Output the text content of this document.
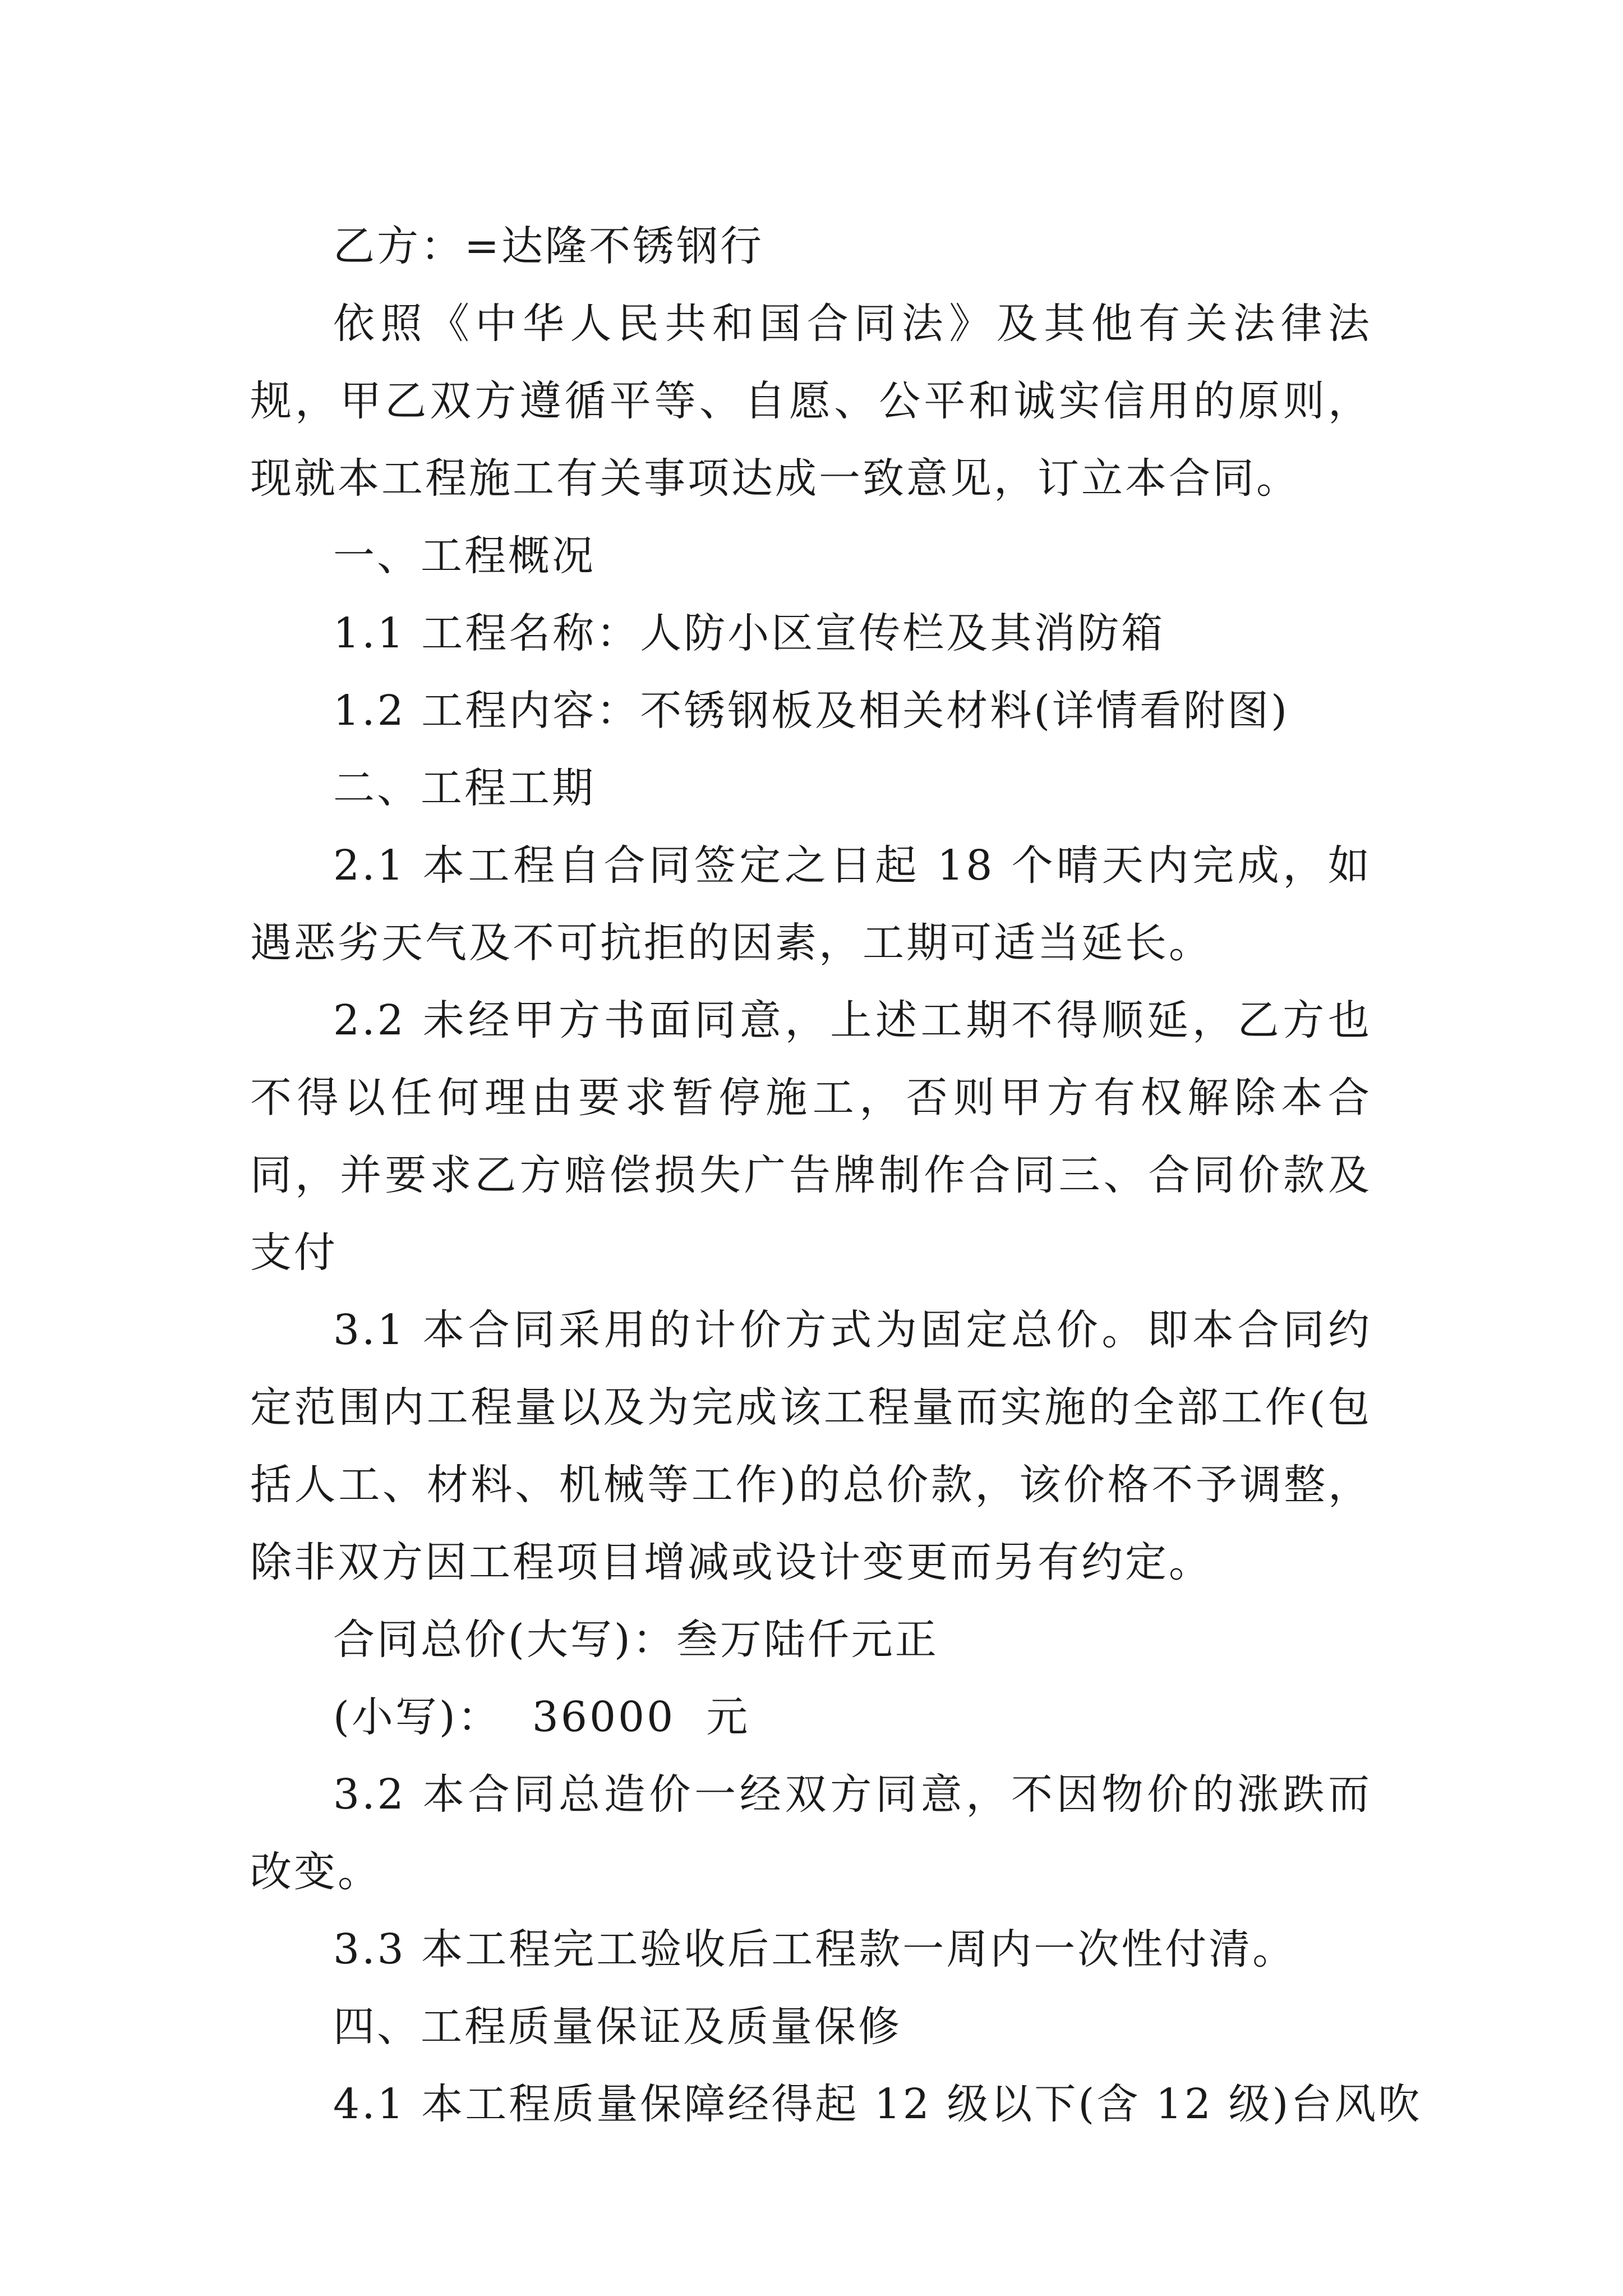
乙方：=达隆不锈钢行

依照《中华人民共和国合同法》及其他有关法律法规，甲乙双方遵循平等、自愿、公平和诚实信用的原则，现就本工程施工有关事项达成一致意见，订立本合同。

一、工程概况

1.1 工程名称：人防小区宣传栏及其消防箱

1.2 工程内容：不锈钢板及相关材料(详情看附图)

二、工程工期

2.1 本工程自合同签定之日起 18 个晴天内完成，如遇恶劣天气及不可抗拒的因素，工期可适当延长。

2.2 未经甲方书面同意，上述工期不得顺延，乙方也不得以任何理由要求暂停施工，否则甲方有权解除本合同，并要求乙方赔偿损失广告牌制作合同三、合同价款及支付

3.1 本合同采用的计价方式为固定总价。即本合同约定范围内工程量以及为完成该工程量而实施的全部工作(包括人工、材料、机械等工作)的总价款，该价格不予调整，除非双方因工程项目增减或设计变更而另有约定。

合同总价(大写)：叁万陆仟元正

(小写)：  36000  元

3.2 本合同总造价一经双方同意，不因物价的涨跌而改变。

3.3 本工程完工验收后工程款一周内一次性付清。

四、工程质量保证及质量保修

4.1 本工程质量保障经得起 12 级以下(含 12 级)台风吹
